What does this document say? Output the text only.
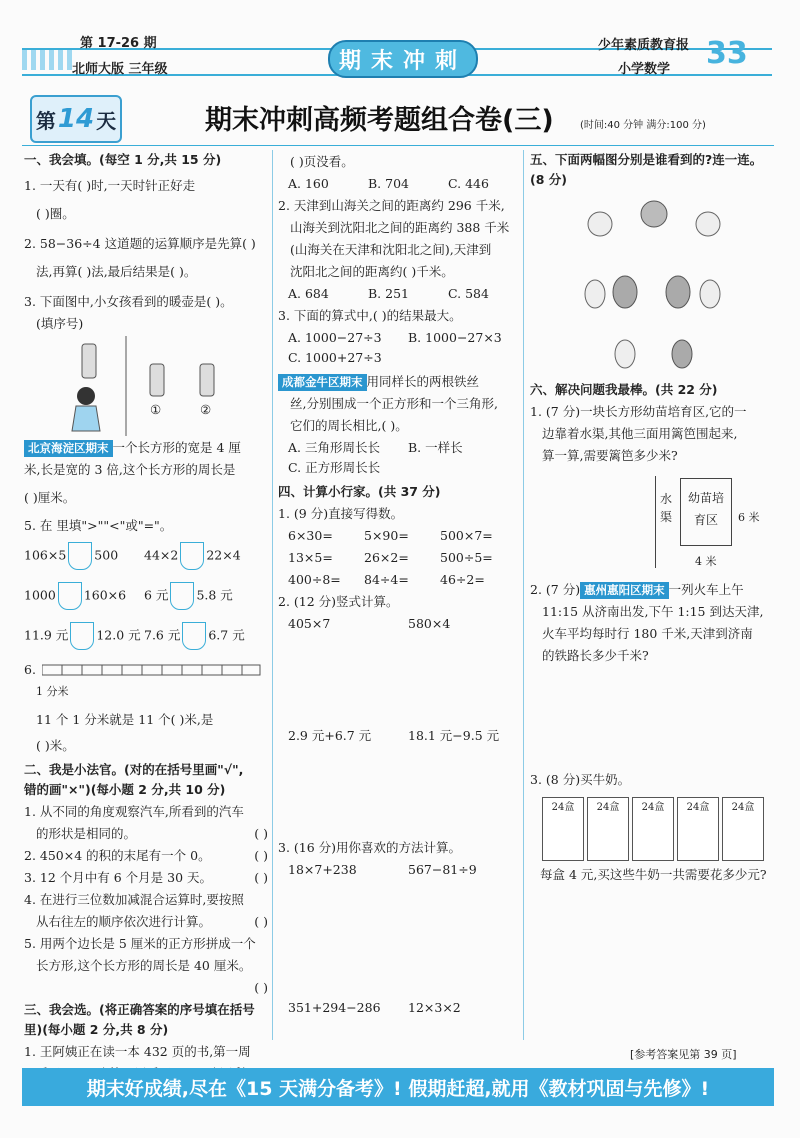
第 17-26 期
北师大版 三年级	期末冲刺
少年素质教育报
小学数学 33
第 14 天	期末冲刺高频考题组合卷(三)	(时间:40 分钟 满分:100 分)
一、我会填。(每空 1 分,共 15 分)
1. 一天有( )时,一天时针正好走
( )圈。
2. 58−36÷4 这道题的运算顺序是先算( )
法,再算( )法,最后结果是( )。
3. 下面图中,小女孩看到的暖壶是( )。
(填序号)
①	②
北京海淀区期末 一个长方形的宽是 4 厘
米,长是宽的 3 倍,这个长方形的周长是
( )厘米。
5. 在 里填">""<"或"="。
106×5 500	44×2 22×4
1000 160×6	6 元 5.8 元
11.9 元 12.0 元 7.6 元 6.7 元
6.
1 分米
11 个 1 分米就是 11 个( )米,是
( )米。
二、我是小法官。(对的在括号里画"√",
错的画"×")(每小题 2 分,共 10 分)
1. 从不同的角度观察汽车,所看到的汽车
的形状是相同的。	( )
2. 450×4 的积的末尾有一个 0。	( )
3. 12 个月中有 6 个月是 30 天。	( )
4. 在进行三位数加减混合运算时,要按照
从右往左的顺序依次进行计算。	( )
5. 用两个边长是 5 厘米的正方形拼成一个
长方形,这个长方形的周长是 40 厘米。
( )
三、我会选。(将正确答案的序号填在括号
里)(每小题 2 分,共 8 分)
1. 王阿姨正在读一本 432 页的书,第一周
( )页没看。
A. 160	B. 704	C. 446
2. 天津到山海关之间的距离约 296 千米,
山海关到沈阳北之间的距离约 388 千米
(山海关在天津和沈阳北之间),天津到
沈阳北之间的距离约( )千米。
A. 684	B. 251	C. 584
3. 下面的算式中,( )的结果最大。
A. 1000−27÷3	B. 1000−27×3
C. 1000+27÷3
成都金牛区期末 用同样长的两根铁丝
丝,分别围成一个正方形和一个三角形,
它们的周长相比,( )。
A. 三角形周长长	B. 一样长
C. 正方形周长长
四、计算小行家。(共 37 分)
1. (9 分)直接写得数。
6×30=	5×90=	500×7=
13×5=	26×2=	500÷5=
400÷8=	84÷4=	46÷2=
2. (12 分)竖式计算。
405×7	580×4
2.9 元+6.7 元	18.1 元−9.5 元
3. (16 分)用你喜欢的方法计算。
18×7+238	567−81÷9
351+294−286	12×3×2
五、下面两幅图分别是谁看到的?连一连。
(8 分)
六、解决问题我最棒。(共 22 分)
1. (7 分)一块长方形幼苗培育区,它的一
边靠着水渠,其他三面用篱笆围起来,
算一算,需要篱笆多少米?
水渠
幼苗培育区	6 米
4 米
2. (7 分) 惠州惠阳区期末 一列火车上午
11:15 从济南出发,下午 1:15 到达天津,
火车平均每时行 180 千米,天津到济南
的铁路长多少千米?
3. (8 分)买牛奶。
24盒 24盒 24盒 24盒 24盒
每盒 4 元,买这些牛奶一共需要花多少元?
[参考答案见第 39 页]
期末好成绩,尽在《15 天满分备考》! 假期赶超,就用《教材巩固与先修》!
